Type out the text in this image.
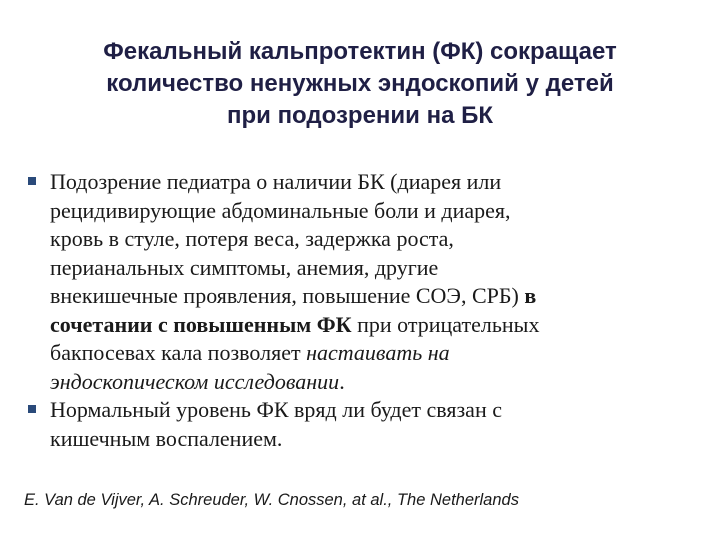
Фекальный кальпротектин (ФК) сокращает
количество ненужных эндоскопий у детей
при подозрении на БК
Подозрение педиатра о наличии БК (диарея или
рецидивирующие абдоминальные боли и диарея,
кровь в стуле, потеря веса, задержка роста,
перианальных симптомы, анемия, другие
внекишечные проявления, повышение СОЭ, СРБ) в
сочетании с повышенным ФК при отрицательных
бакпосевах кала позволяет настаивать на
эндоскопическом исследовании.
Нормальный уровень ФК вряд ли будет связан с
кишечным воспалением.
E. Van de Vijver, A. Schreuder, W. Cnossen, at al., The Netherlands
